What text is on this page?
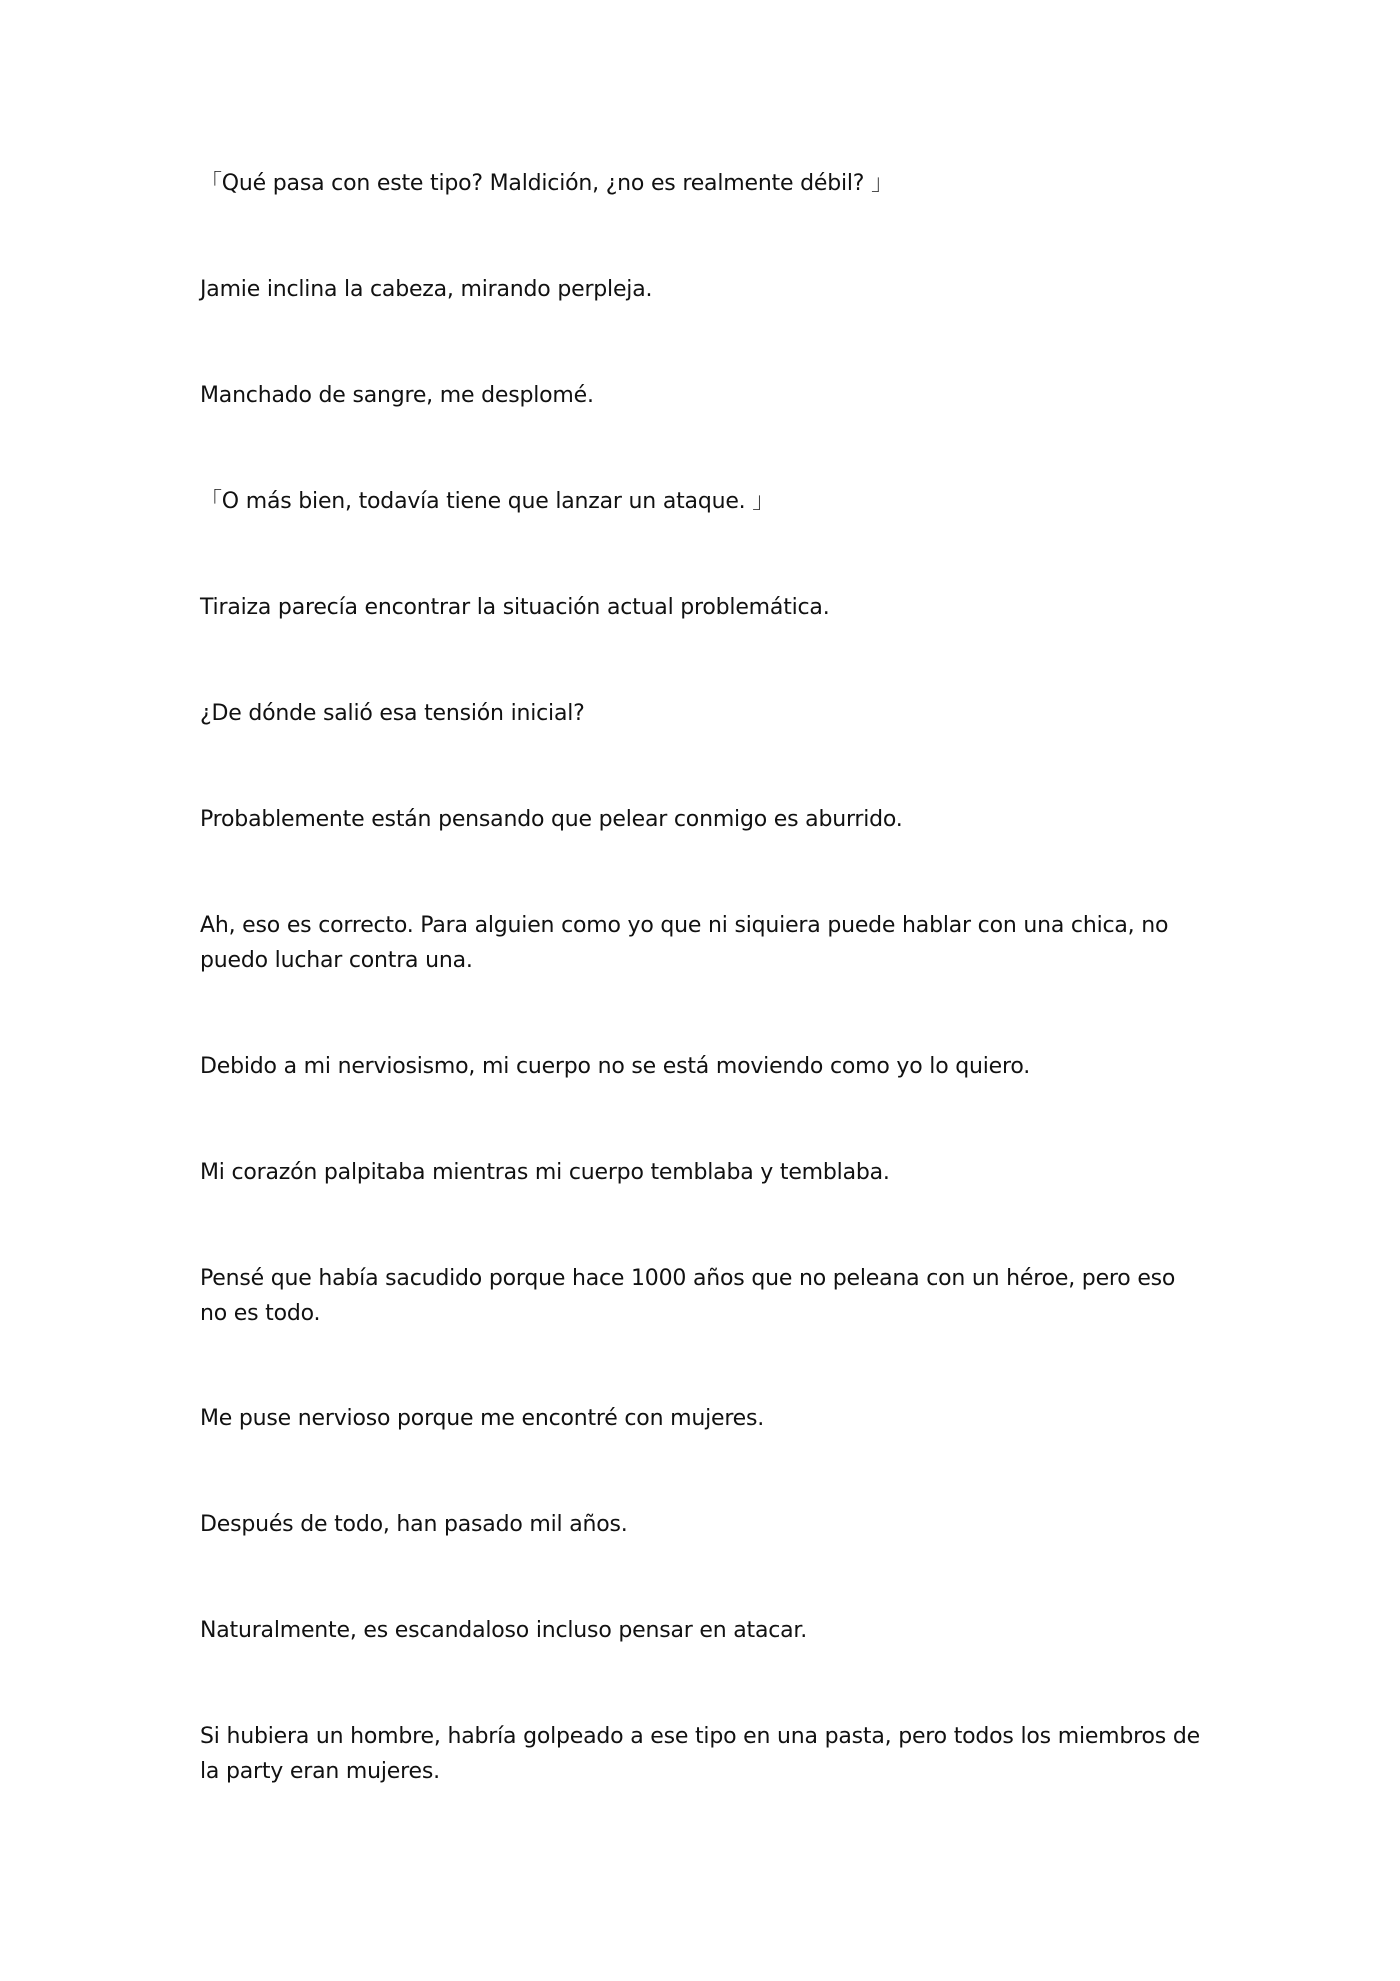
「Qué pasa con este tipo? Maldición, ¿no es realmente débil? 」

Jamie inclina la cabeza, mirando perpleja.

Manchado de sangre, me desplomé.

「O más bien, todavía tiene que lanzar un ataque. 」

Tiraiza parecía encontrar la situación actual problemática.

¿De dónde salió esa tensión inicial?

Probablemente están pensando que pelear conmigo es aburrido.

Ah, eso es correcto. Para alguien como yo que ni siquiera puede hablar con una chica, no puedo luchar contra una.

Debido a mi nerviosismo, mi cuerpo no se está moviendo como yo lo quiero.

Mi corazón palpitaba mientras mi cuerpo temblaba y temblaba.

Pensé que había sacudido porque hace 1000 años que no peleana con un héroe, pero eso no es todo.

Me puse nervioso porque me encontré con mujeres.

Después de todo, han pasado mil años.

Naturalmente, es escandaloso incluso pensar en atacar.

Si hubiera un hombre, habría golpeado a ese tipo en una pasta, pero todos los miembros de la party eran mujeres.
